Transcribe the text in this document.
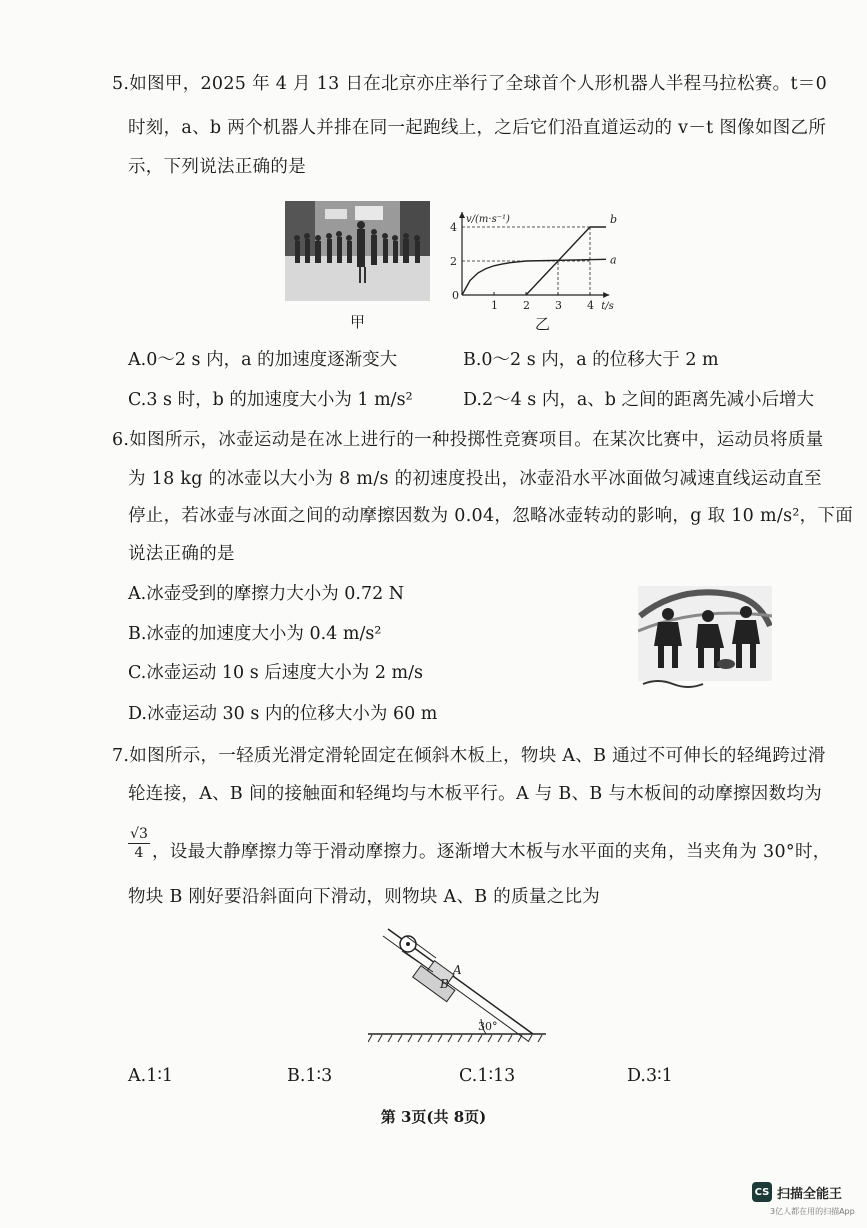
5.如图甲，2025 年 4 月 13 日在北京亦庄举行了全球首个人形机器人半程马拉松赛。t＝0
时刻，a、b 两个机器人并排在同一起跑线上，之后它们沿直道运动的 v－t 图像如图乙所
示，下列说法正确的是
甲
v/(m·s⁻¹)
t/s
0
1 2 3 4
2
4
a
b
乙
A.0～2 s 内，a 的加速度逐渐变大	B.0～2 s 内，a 的位移大于 2 m
C.3 s 时，b 的加速度大小为 1 m/s²	D.2～4 s 内，a、b 之间的距离先减小后增大
6.如图所示，冰壶运动是在冰上进行的一种投掷性竞赛项目。在某次比赛中，运动员将质量
为 18 kg 的冰壶以大小为 8 m/s 的初速度投出，冰壶沿水平冰面做匀减速直线运动直至
停止，若冰壶与冰面之间的动摩擦因数为 0.04，忽略冰壶转动的影响，g 取 10 m/s²，下面
说法正确的是
A.冰壶受到的摩擦力大小为 0.72 N
B.冰壶的加速度大小为 0.4 m/s²
C.冰壶运动 10 s 后速度大小为 2 m/s
D.冰壶运动 30 s 内的位移大小为 60 m
7.如图所示，一轻质光滑定滑轮固定在倾斜木板上，物块 A、B 通过不可伸长的轻绳跨过滑
轮连接，A、B 间的接触面和轻绳均与木板平行。A 与 B、B 与木板间的动摩擦因数均为
$\frac{√3}{4}$ ，设最大静摩擦力等于滑动摩擦力。逐渐增大木板与水平面的夹角，当夹角为 30°时，
物块 B 刚好要沿斜面向下滑动，则物块 A、B 的质量之比为
A
B
30°
A.1∶1	B.1∶3	C.1∶13	D.3∶1
第 3页(共 8页)
CS 扫描全能王
3亿人都在用的扫描App
